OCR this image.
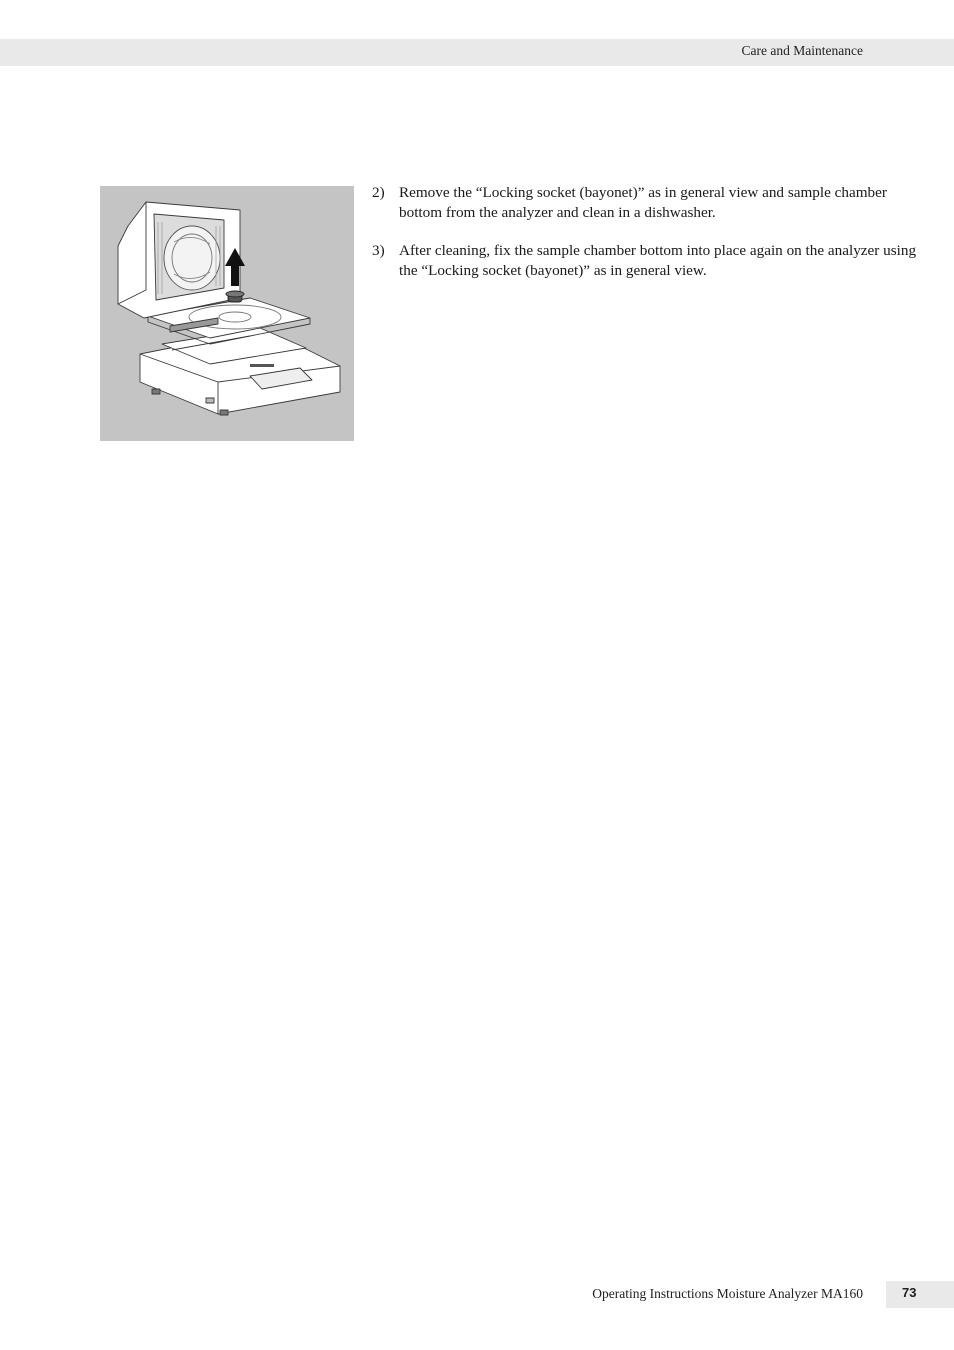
Care and Maintenance
2) Remove the “Locking socket (bayonet)” as in general view and sample chamber bottom from the analyzer and clean in a dishwasher.
3) After cleaning, fix the sample chamber bottom into place again on the analyzer using the “Locking socket (bayonet)” as in general view.
Operating Instructions Moisture Analyzer MA160	73
